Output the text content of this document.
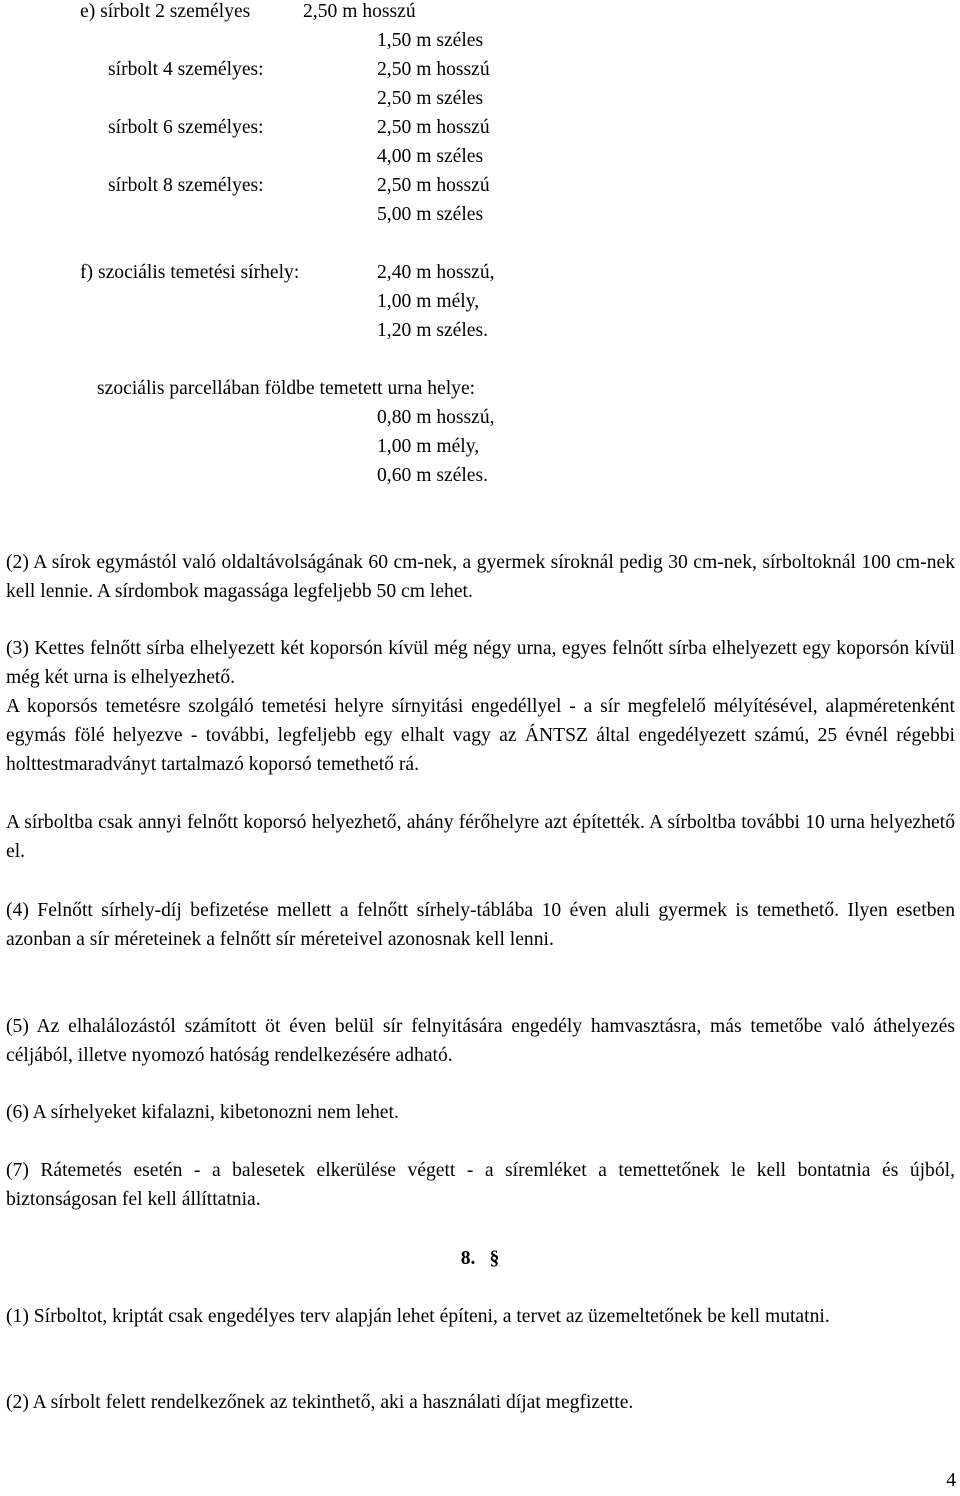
e) sírbolt 2 személyes	2,50 m hosszú
1,50 m széles
sírbolt 4 személyes:	2,50 m hosszú
2,50 m széles
sírbolt 6 személyes:	2,50 m hosszú
4,00 m széles
sírbolt 8 személyes:	2,50 m hosszú
5,00 m széles
f) szociális temetési sírhely:	2,40 m hosszú,
1,00 m mély,
1,20 m széles.
szociális parcellában földbe temetett urna helye:
0,80 m hosszú,
1,00 m mély,
0,60 m széles.
(2) A sírok egymástól való oldaltávolságának 60 cm-nek, a gyermek síroknál pedig 30 cm-nek, sírboltoknál 100 cm-nek kell lennie. A sírdombok magassága legfeljebb 50 cm lehet.
(3) Kettes felnőtt sírba elhelyezett két koporsón kívül még négy urna, egyes felnőtt sírba elhelyezett egy koporsón kívül még két urna is elhelyezhető.
A koporsós temetésre szolgáló temetési helyre sírnyitási engedéllyel - a sír megfelelő mélyítésével, alapméretenként egymás fölé helyezve - további, legfeljebb egy elhalt vagy az ÁNTSZ által engedélyezett számú, 25 évnél régebbi holttestmaradványt tartalmazó koporsó temethető rá.
A sírboltba csak annyi felnőtt koporsó helyezhető, ahány férőhelyre azt építették. A sírboltba további 10 urna helyezhető el.
(4) Felnőtt sírhely-díj befizetése mellett a felnőtt sírhely-táblába 10 éven aluli gyermek is temethető. Ilyen esetben azonban a sír méreteinek a felnőtt sír méreteivel azonosnak kell lenni.
(5) Az elhalálozástól számított öt éven belül sír felnyitására engedély hamvasztásra, más temetőbe való áthelyezés céljából, illetve nyomozó hatóság rendelkezésére adható.
(6) A sírhelyeket kifalazni, kibetonozni nem lehet.
(7) Rátemetés esetén - a balesetek elkerülése végett - a síremléket a temettetőnek le kell bontatnia és újból, biztonságosan fel kell állíttatnia.
8. §
(1) Sírboltot, kriptát csak engedélyes terv alapján lehet építeni, a tervet az üzemeltetőnek be kell mutatni.
(2) A sírbolt felett rendelkezőnek az tekinthető, aki a használati díjat megfizette.
4
